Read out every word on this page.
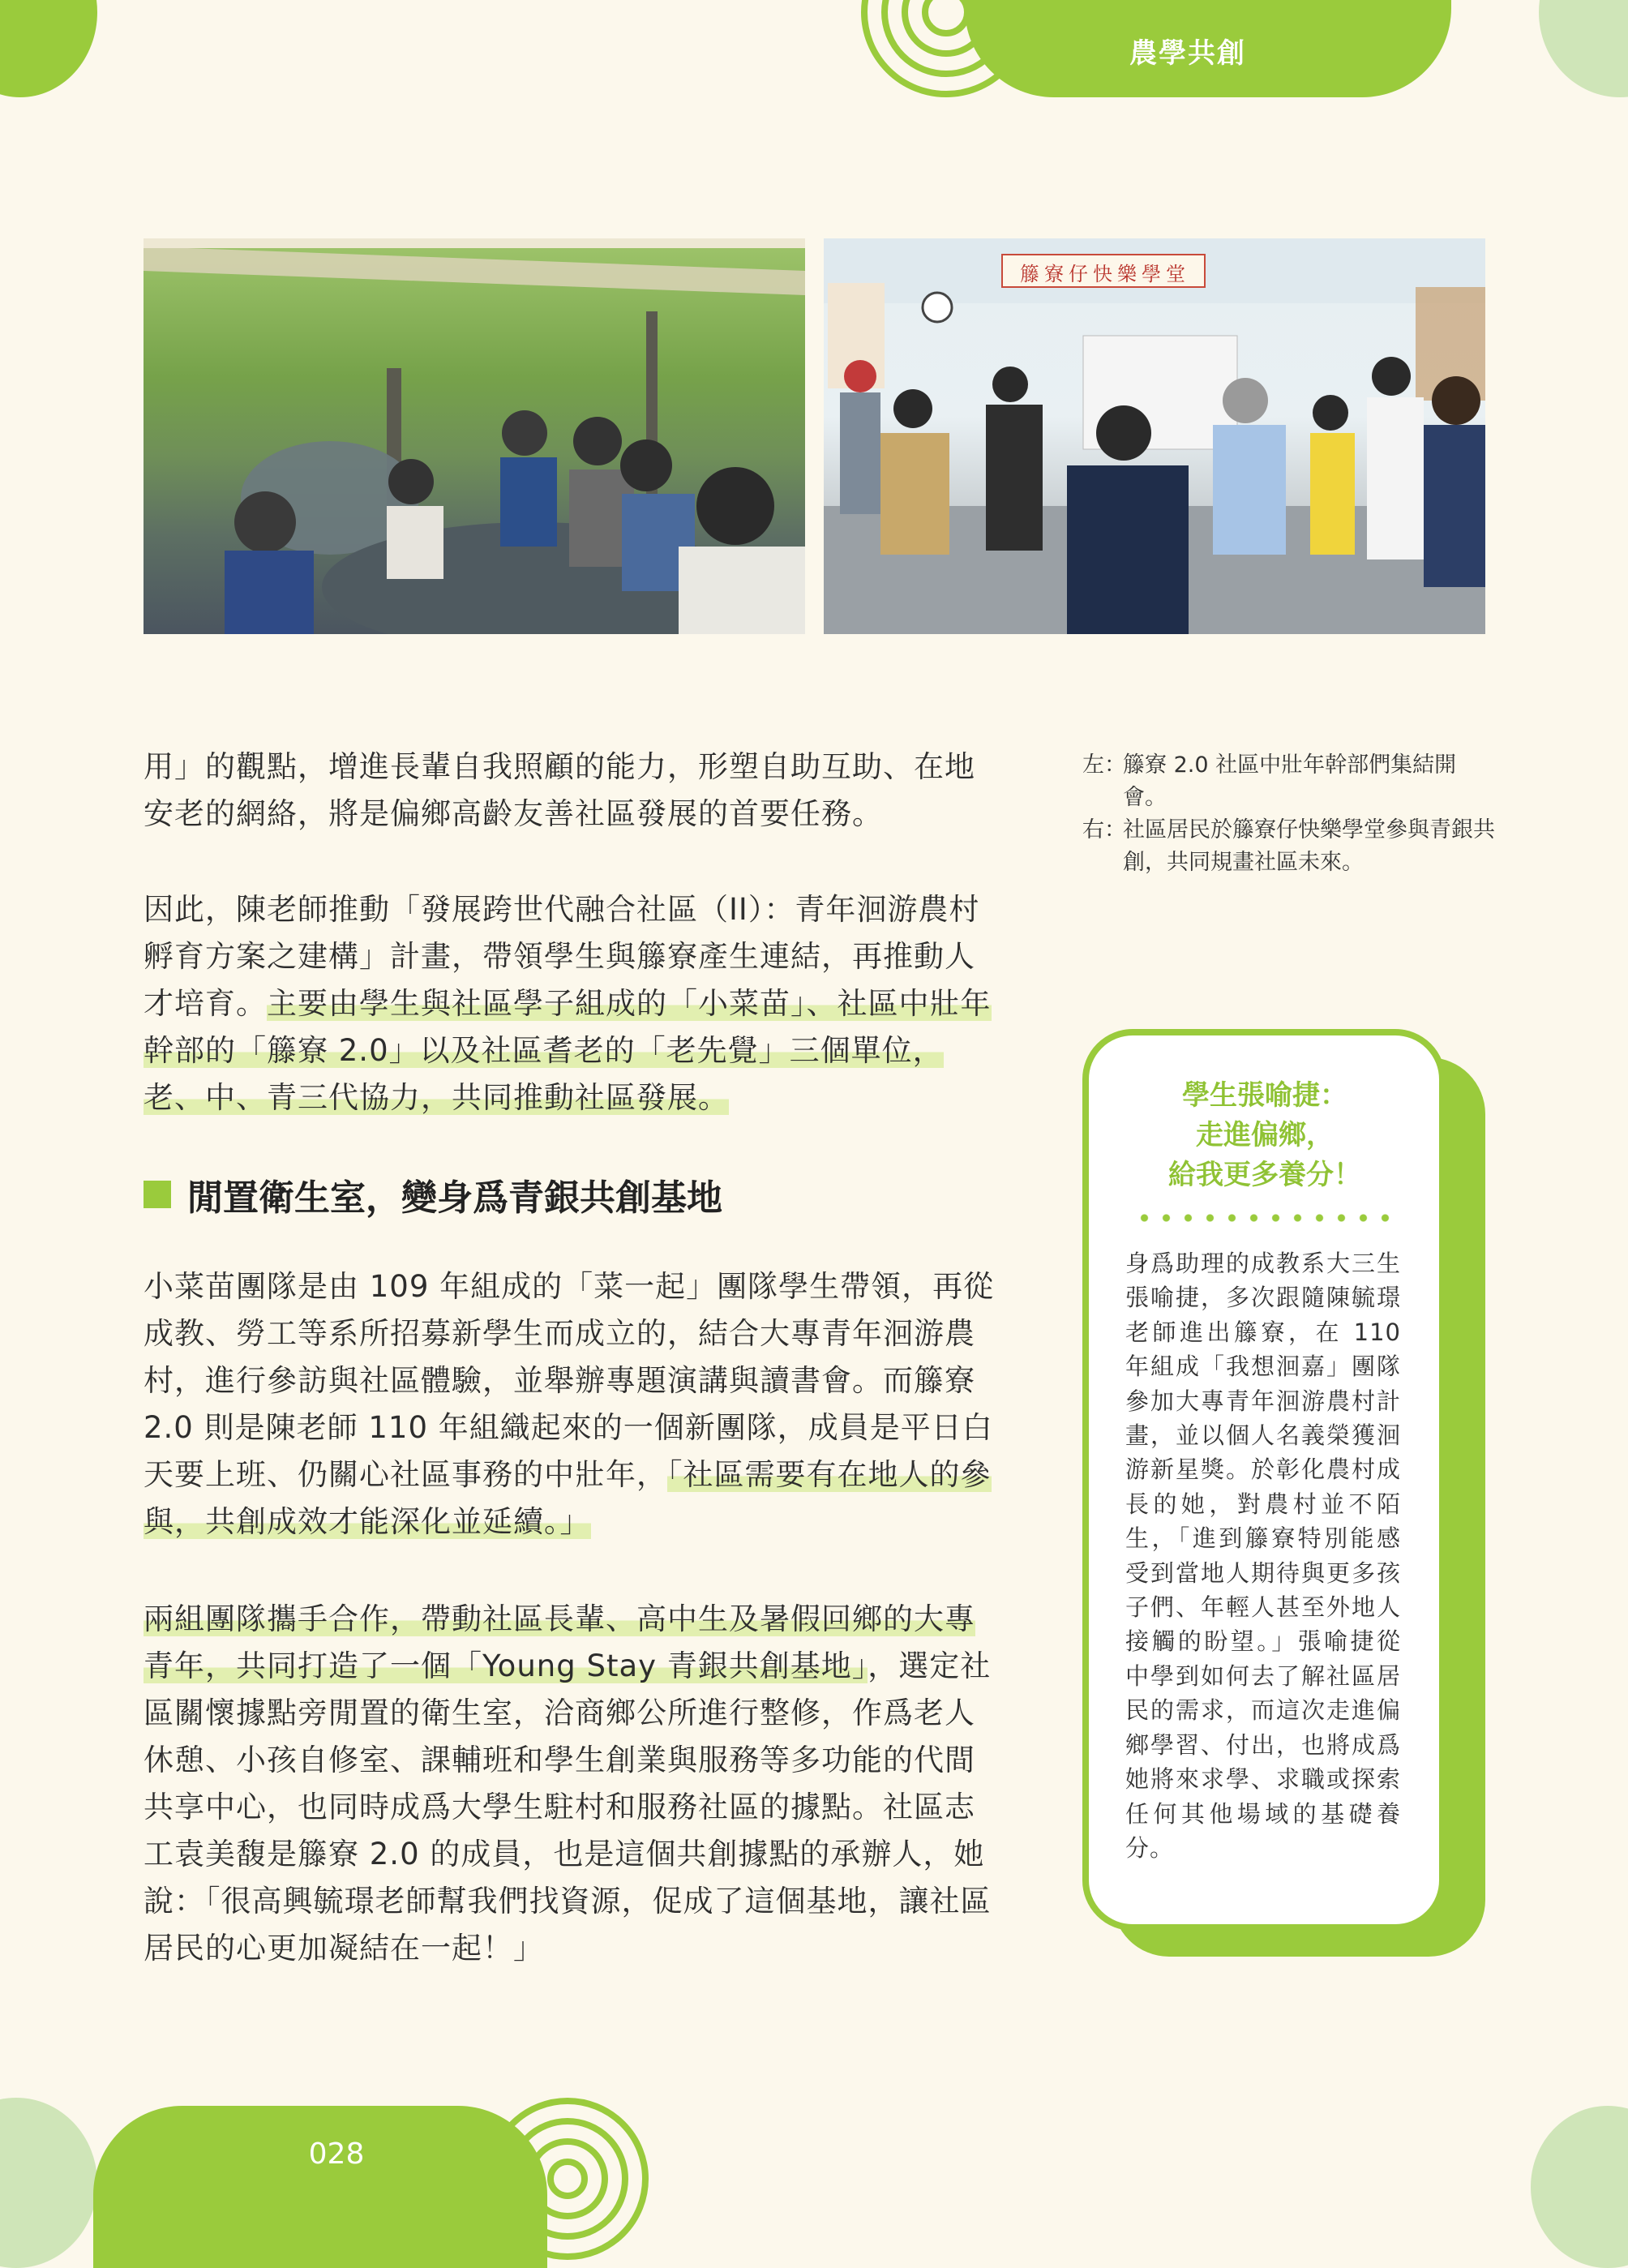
農學共創
籐寮仔快樂學堂

用」的觀點，增進長輩自我照顧的能力，形塑自助互助、在地安老的網絡，將是偏鄉高齡友善社區發展的首要任務。

因此，陳老師推動「發展跨世代融合社區（II）：青年洄游農村孵育方案之建構」計畫，帶領學生與籐寮產生連結，再推動人才培育。主要由學生與社區學子組成的「小菜苗」、社區中壯年幹部的「籐寮 2.0」以及社區耆老的「老先覺」三個單位，老、中、青三代協力，共同推動社區發展。

閒置衛生室，變身爲青銀共創基地

小菜苗團隊是由 109 年組成的「菜一起」團隊學生帶領，再從成教、勞工等系所招募新學生而成立的，結合大專青年洄游農村，進行參訪與社區體驗，並舉辦專題演講與讀書會。而籐寮 2.0 則是陳老師 110 年組織起來的一個新團隊，成員是平日白天要上班、仍關心社區事務的中壯年，「社區需要有在地人的參與，共創成效才能深化並延續。」

兩組團隊攜手合作，帶動社區長輩、高中生及暑假回鄉的大專青年，共同打造了一個「Young Stay 青銀共創基地」，選定社區關懷據點旁閒置的衛生室，洽商鄉公所進行整修，作爲老人休憩、小孩自修室、課輔班和學生創業與服務等多功能的代間共享中心，也同時成爲大學生駐村和服務社區的據點。社區志工袁美馥是籐寮 2.0 的成員，也是這個共創據點的承辦人，她說：「很高興毓璟老師幫我們找資源，促成了這個基地，讓社區居民的心更加凝結在一起！」

左：
籐寮 2.0 社區中壯年幹部們集結開會。
右：
社區居民於籐寮仔快樂學堂參與青銀共創，共同規畫社區未來。
學生張喻捷：
走進偏鄉，
給我更多養分！
身爲助理的成教系大三生張喻捷，多次跟隨陳毓璟老師進出籐寮，在 110 年組成「我想洄嘉」團隊參加大專青年洄游農村計畫，並以個人名義榮獲洄游新星獎。於彰化農村成長的她，對農村並不陌生，「進到籐寮特別能感受到當地人期待與更多孩子們、年輕人甚至外地人接觸的盼望。」張喻捷從中學到如何去了解社區居民的需求，而這次走進偏鄉學習、付出，也將成爲她將來求學、求職或探索任何其他場域的基礎養分。
028
